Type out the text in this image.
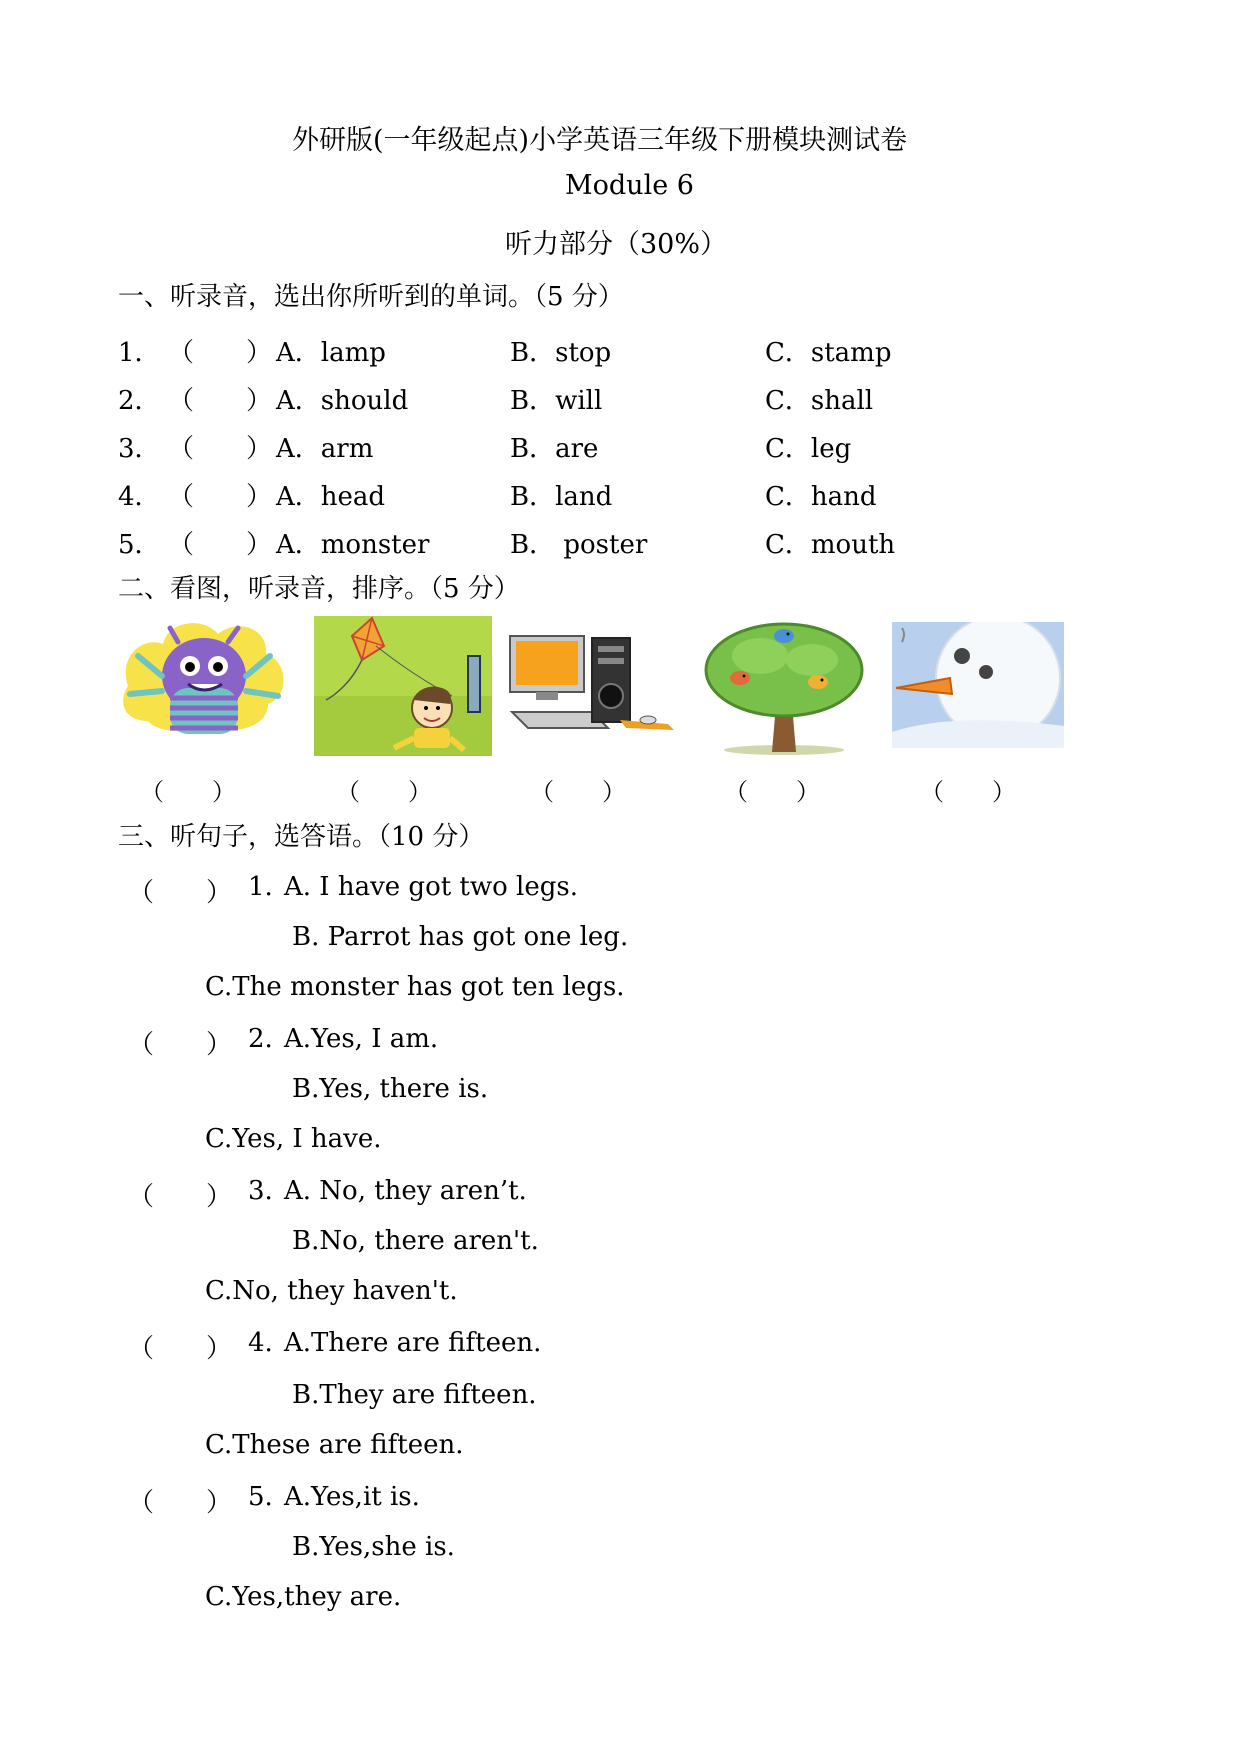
外研版(一年级起点)小学英语三年级下册模块测试卷
Module 6
听力部分（30%）
一、听录音，选出你所听到的单词。（5 分）
1． （　　） A．lamp	B．stop	C．stamp
2． （　　） A．should	B．will	C．shall
3． （　　） A．arm	B．are	C．leg
4． （　　） A．head	B．land	C．hand
5． （　　） A．monster	B． poster	C．mouth
二、看图，听录音，排序。（5 分）
（　　）	（　　）	（　　）	（　　）	（　　）
三、听句子，选答语。（10 分）
（　　） 1. A. I have got two legs.
B. Parrot has got one leg.
C.The monster has got ten legs.
（　　） 2. A.Yes, I am.
B.Yes, there is.
C.Yes, I have.
（　　） 3. A. No, they aren’t.
B.No, there aren't.
C.No, they haven't.
（　　） 4. A.There are fifteen.
B.They are fifteen.
C.These are fifteen.
（　　） 5. A.Yes,it is.
B.Yes,she is.
C.Yes,they are.
